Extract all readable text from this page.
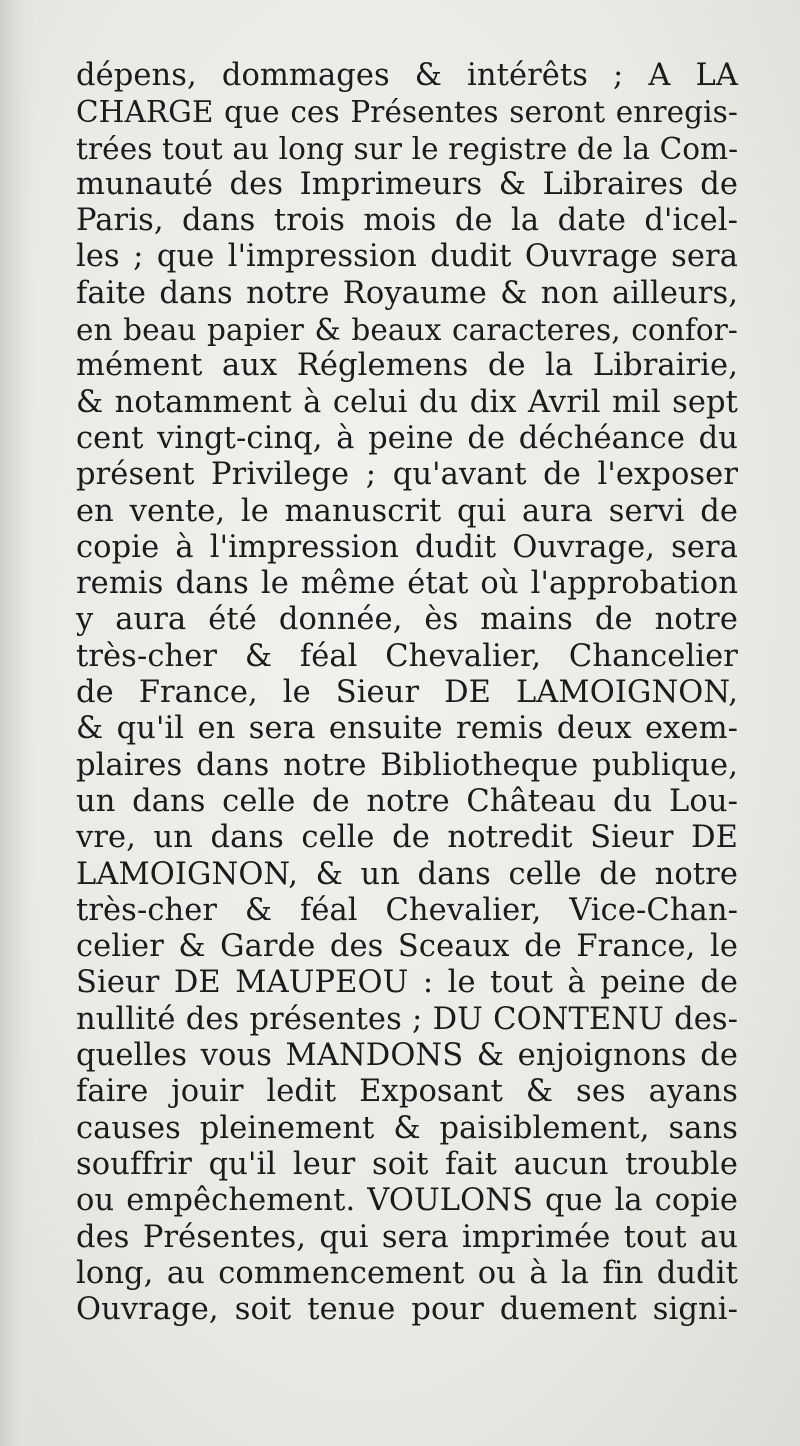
dépens, dommages & intérêts ; A LA
CHARGE que ces Présentes seront enregis-
trées tout au long sur le registre de la Com-
munauté des Imprimeurs & Libraires de
Paris, dans trois mois de la date d'icel-
les ; que l'impression dudit Ouvrage sera
faite dans notre Royaume & non ailleurs,
en beau papier & beaux caracteres, confor-
mément aux Réglemens de la Librairie,
& notamment à celui du dix Avril mil sept
cent vingt-cinq, à peine de déchéance du
présent Privilege ; qu'avant de l'exposer
en vente, le manuscrit qui aura servi de
copie à l'impression dudit Ouvrage, sera
remis dans le même état où l'approbation
y aura été donnée, ès mains de notre
très-cher & féal Chevalier, Chancelier
de France, le Sieur DE LAMOIGNON,
& qu'il en sera ensuite remis deux exem-
plaires dans notre Bibliotheque publique,
un dans celle de notre Château du Lou-
vre, un dans celle de notredit Sieur DE
LAMOIGNON, & un dans celle de notre
très-cher & féal Chevalier, Vice-Chan-
celier & Garde des Sceaux de France, le
Sieur DE MAUPEOU : le tout à peine de
nullité des présentes ; DU CONTENU des-
quelles vous MANDONS & enjoignons de
faire jouir ledit Exposant & ses ayans
causes pleinement & paisiblement, sans
souffrir qu'il leur soit fait aucun trouble
ou empêchement. VOULONS que la copie
des Présentes, qui sera imprimée tout au
long, au commencement ou à la fin dudit
Ouvrage, soit tenue pour duement signi-
